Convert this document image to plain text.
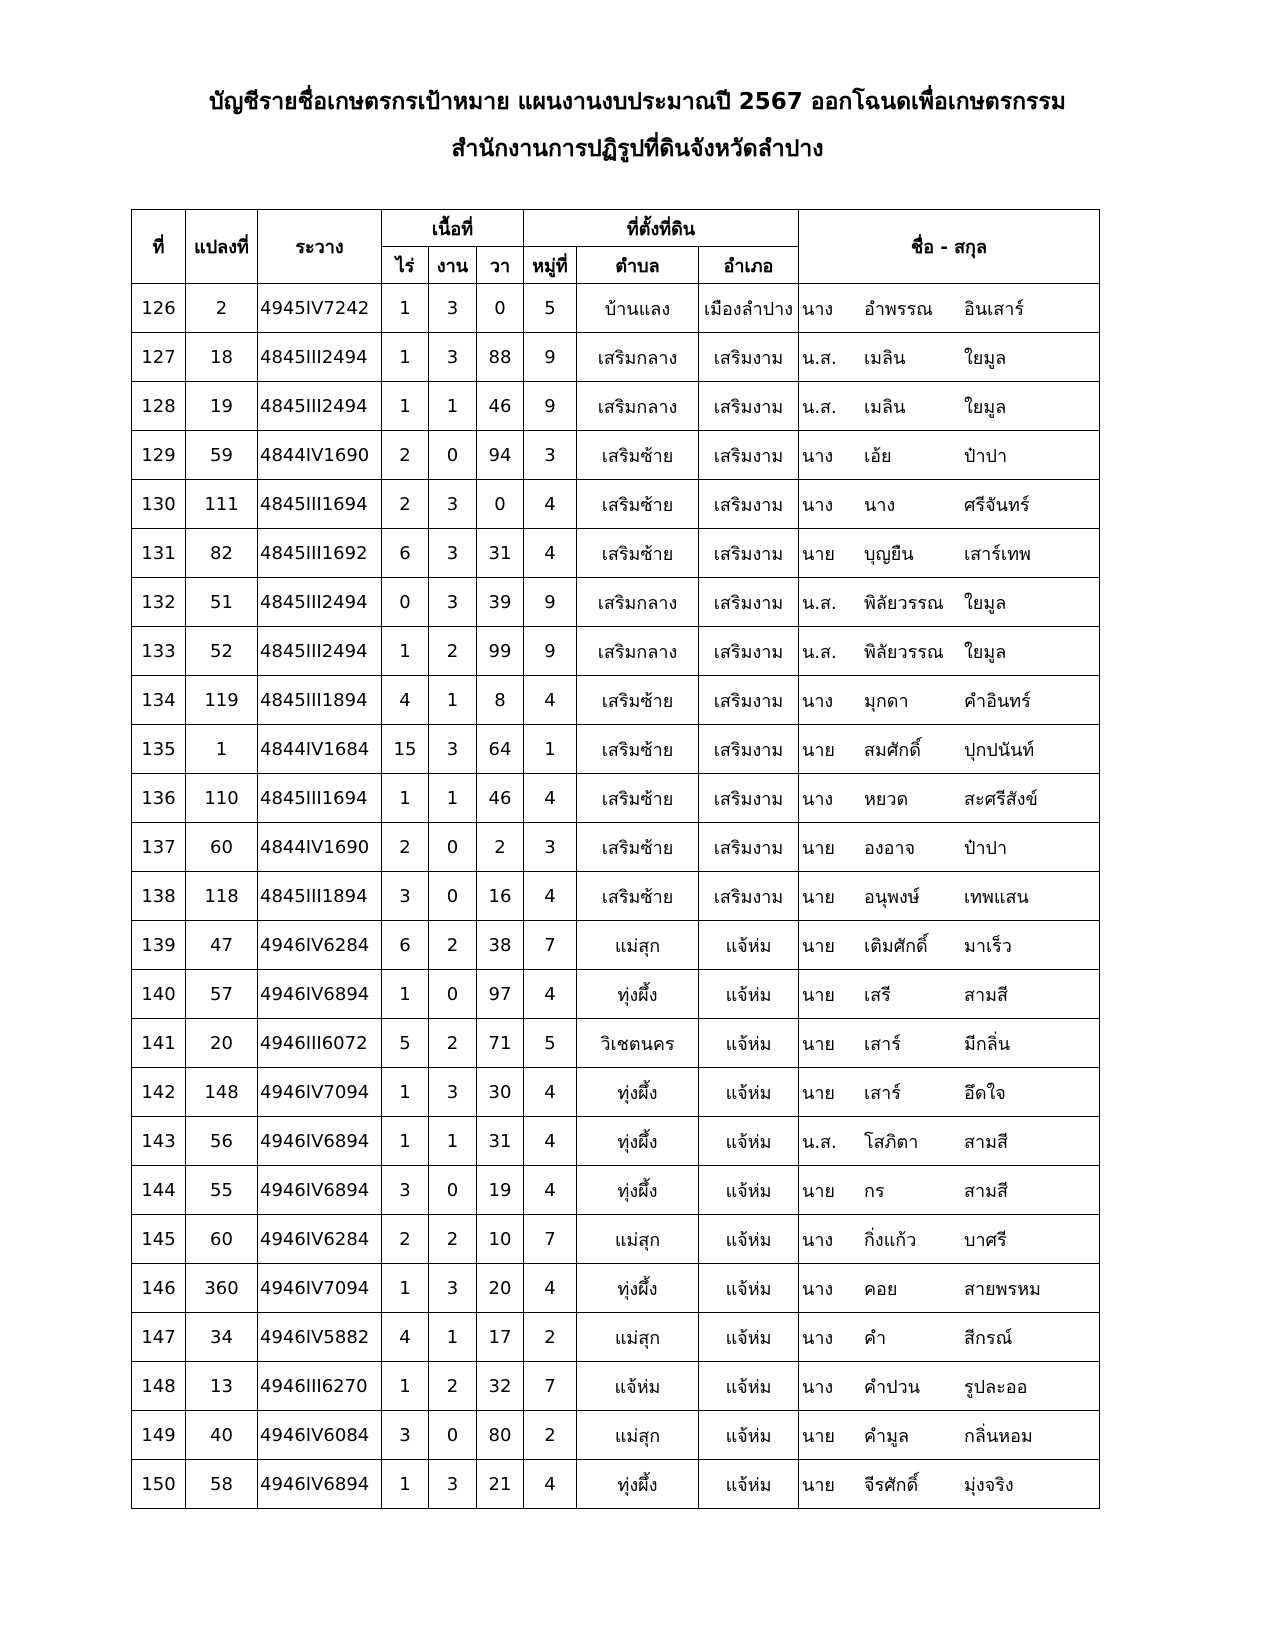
บัญชีรายชื่อเกษตรกรเป้าหมาย แผนงานงบประมาณปี 2567 ออกโฉนดเพื่อเกษตรกรรม
สำนักงานการปฏิรูปที่ดินจังหวัดลำปาง
ที่	แปลงที่	ระวาง	เนื้อที่			ที่ตั้งที่ดิน			ชื่อ - สกุล
			ไร่	งาน	วา	หมู่ที่	ตำบล	อำเภอ	
126	2	4945IV7242	1	3	0	5	บ้านแลง	เมืองลำปาง	นาง อำพรรณ อินเสาร์

127	18	4845III2494	1	3	88	9	เสริมกลาง	เสริมงาม	น.ส. เมลิน ใยมูล

128	19	4845III2494	1	1	46	9	เสริมกลาง	เสริมงาม	น.ส. เมลิน ใยมูล

129	59	4844IV1690	2	0	94	3	เสริมซ้าย	เสริมงาม	นาง เอ้ย ป๋าปา

130	111	4845III1694	2	3	0	4	เสริมซ้าย	เสริมงาม	นาง นาง ศรีจันทร์

131	82	4845III1692	6	3	31	4	เสริมซ้าย	เสริมงาม	นาย บุญยืน เสาร์เทพ

132	51	4845III2494	0	3	39	9	เสริมกลาง	เสริมงาม	น.ส. พิลัยวรรณ ใยมูล

133	52	4845III2494	1	2	99	9	เสริมกลาง	เสริมงาม	น.ส. พิลัยวรรณ ใยมูล

134	119	4845III1894	4	1	8	4	เสริมซ้าย	เสริมงาม	นาง มุกดา คำอินทร์

135	1	4844IV1684	15	3	64	1	เสริมซ้าย	เสริมงาม	นาย สมศักดิ์ ปุกปนันท์

136	110	4845III1694	1	1	46	4	เสริมซ้าย	เสริมงาม	นาง หยวด สะศรีสังข์

137	60	4844IV1690	2	0	2	3	เสริมซ้าย	เสริมงาม	นาย องอาจ ป๋าปา

138	118	4845III1894	3	0	16	4	เสริมซ้าย	เสริมงาม	นาย อนุพงษ์ เทพแสน

139	47	4946IV6284	6	2	38	7	แม่สุก	แจ้ห่ม	นาย เติมศักดิ์ มาเร็ว

140	57	4946IV6894	1	0	97	4	ทุ่งผึ้ง	แจ้ห่ม	นาย เสรี สามสี

141	20	4946III6072	5	2	71	5	วิเชตนคร	แจ้ห่ม	นาย เสาร์ มีกลิ่น

142	148	4946IV7094	1	3	30	4	ทุ่งผึ้ง	แจ้ห่ม	นาย เสาร์ อึดใจ

143	56	4946IV6894	1	1	31	4	ทุ่งผึ้ง	แจ้ห่ม	น.ส. โสภิตา สามสี

144	55	4946IV6894	3	0	19	4	ทุ่งผึ้ง	แจ้ห่ม	นาย กร สามสี

145	60	4946IV6284	2	2	10	7	แม่สุก	แจ้ห่ม	นาง กิ่งแก้ว บาศรี

146	360	4946IV7094	1	3	20	4	ทุ่งผึ้ง	แจ้ห่ม	นาง คอย สายพรหม

147	34	4946IV5882	4	1	17	2	แม่สุก	แจ้ห่ม	นาง คำ สีกรณ์

148	13	4946III6270	1	2	32	7	แจ้ห่ม	แจ้ห่ม	นาง คำปวน รูปละออ

149	40	4946IV6084	3	0	80	2	แม่สุก	แจ้ห่ม	นาย คำมูล กลิ่นหอม

150	58	4946IV6894	1	3	21	4	ทุ่งผึ้ง	แจ้ห่ม	นาย จีรศักดิ์ มุ่งจริง
